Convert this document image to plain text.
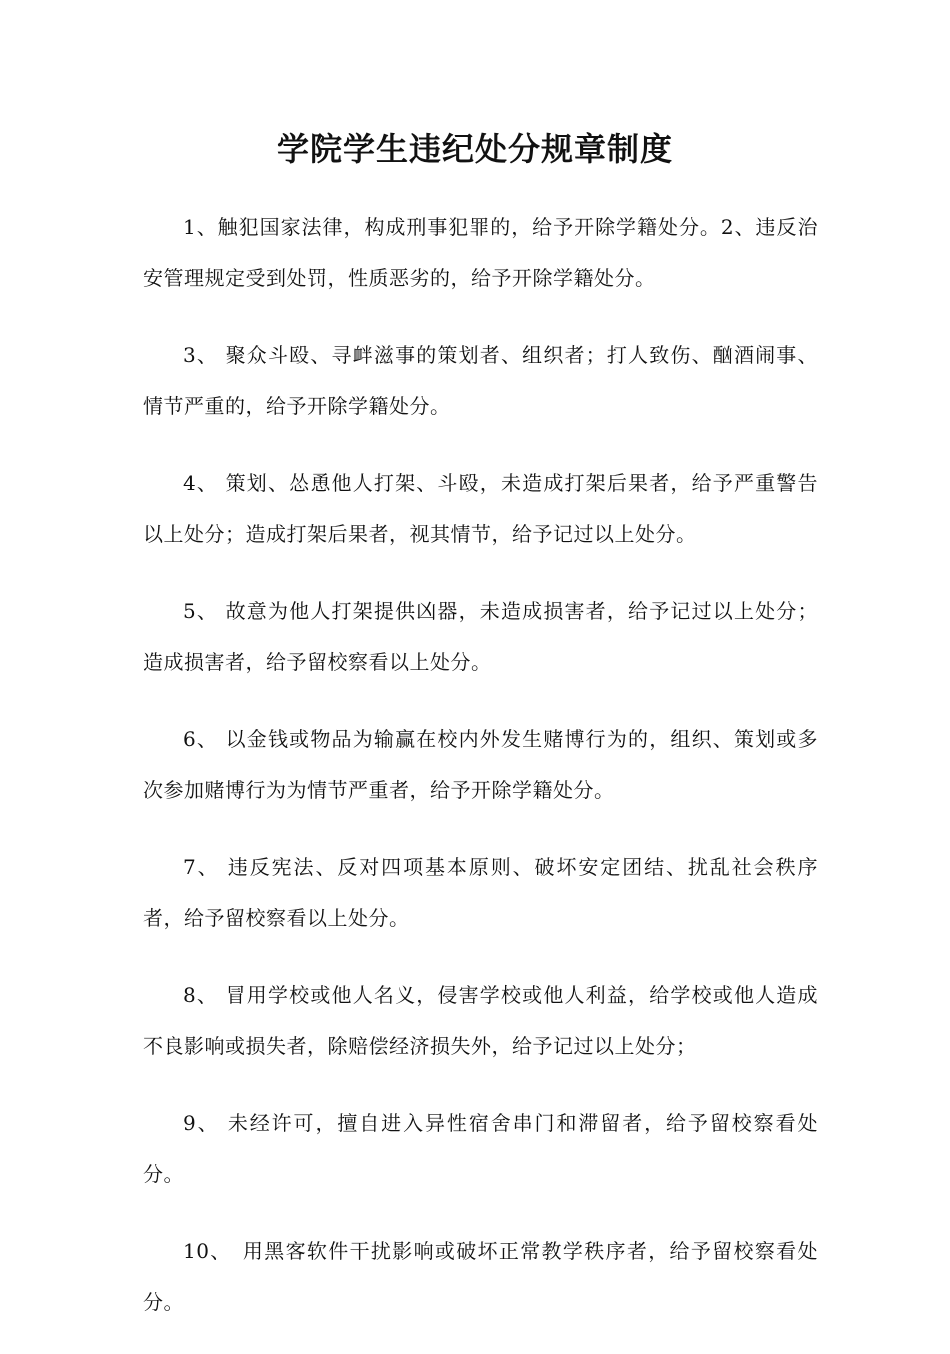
学院学生违纪处分规章制度

1、触犯国家法律，构成刑事犯罪的，给予开除学籍处分。2、违反治安管理规定受到处罚，性质恶劣的，给予开除学籍处分。

3、 聚众斗殴、寻衅滋事的策划者、组织者；打人致伤、酗酒闹事、情节严重的，给予开除学籍处分。

4、 策划、怂恿他人打架、斗殴，未造成打架后果者，给予严重警告以上处分；造成打架后果者，视其情节，给予记过以上处分。

5、 故意为他人打架提供凶器，未造成损害者，给予记过以上处分；造成损害者，给予留校察看以上处分。

6、 以金钱或物品为输赢在校内外发生赌博行为的，组织、策划或多次参加赌博行为为情节严重者，给予开除学籍处分。

7、 违反宪法、反对四项基本原则、破坏安定团结、扰乱社会秩序者，给予留校察看以上处分。

8、 冒用学校或他人名义，侵害学校或他人利益，给学校或他人造成不良影响或损失者，除赔偿经济损失外，给予记过以上处分；

9、 未经许可，擅自进入异性宿舍串门和滞留者，给予留校察看处分。

10、　用黑客软件干扰影响或破坏正常教学秩序者，给予留校察看处分。
